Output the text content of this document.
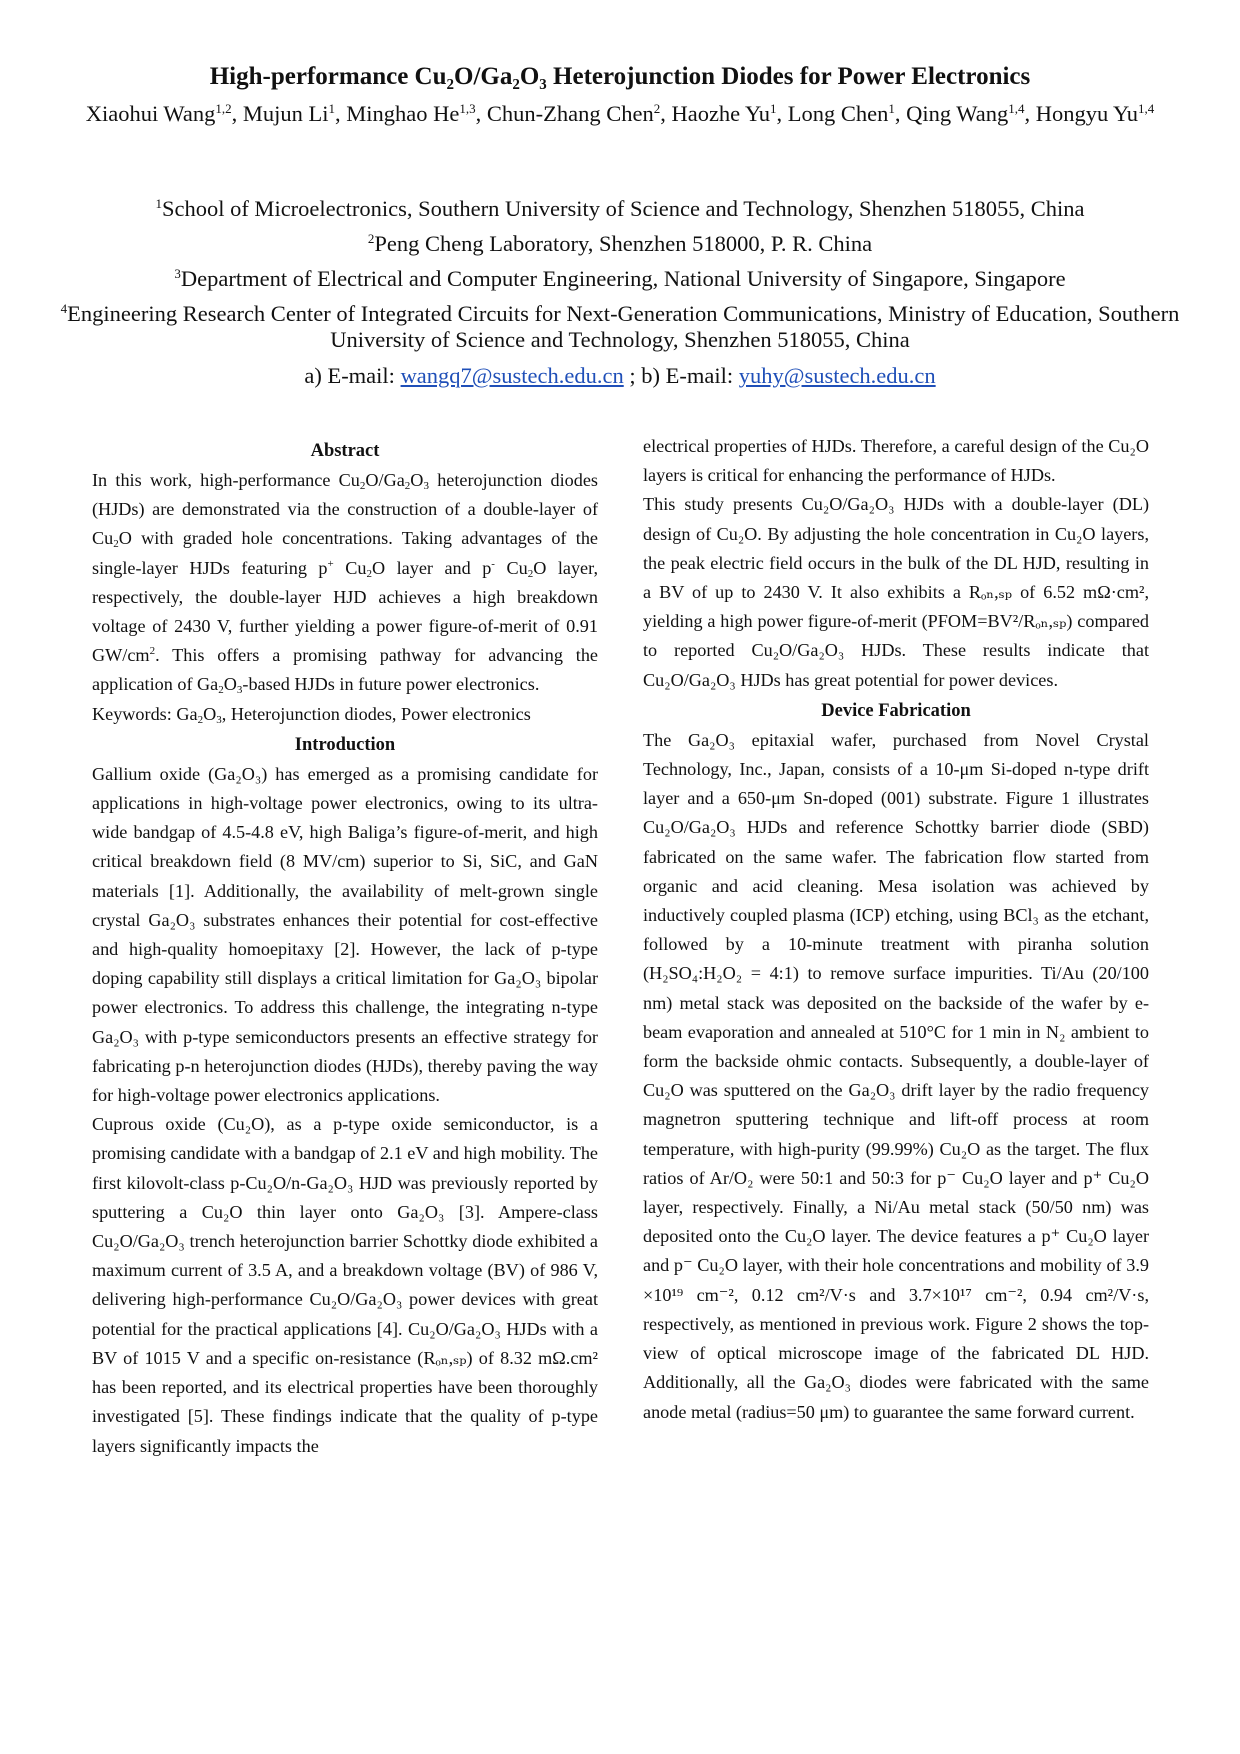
High-performance Cu₂O/Ga₂O₃ Heterojunction Diodes for Power Electronics

Xiaohui Wang$^{1,2}$, Mujun Li$^1$, Minghao He$^{1,3}$, Chun-Zhang Chen$^2$, Haozhe Yu$^1$, Long Chen$^1$, Qing Wang$^{1,4}$, Hongyu Yu$^{1,4}$

$^1$School of Microelectronics, Southern University of Science and Technology, Shenzhen 518055, China

$^2$Peng Cheng Laboratory, Shenzhen 518000, P. R. China

$^3$Department of Electrical and Computer Engineering, National University of Singapore, Singapore

$^4$Engineering Research Center of Integrated Circuits for Next-Generation Communications, Ministry of Education, Southern University of Science and Technology, Shenzhen 518055, China

a) E-mail: wangq7@sustech.edu.cn ; b) E-mail: yuhy@sustech.edu.cn

Abstract

In this work, high-performance $Cu_2O/Ga_2O_3$ heterojunction diodes (HJDs) are demonstrated via the construction of a double-layer of $Cu_2O$ with graded hole concentrations. Taking advantages of the single-layer HJDs featuring p+ $Cu_2O$ layer and p- $Cu_2O$ layer, respectively, the double-layer HJD achieves a high breakdown voltage of 2430 V, further yielding a power figure-of-merit of 0.91 $GW/cm^2$. This offers a promising pathway for advancing the application of $Ga_2O_3$-based HJDs in future power electronics.

Keywords: $Ga_2O_3$, Heterojunction diodes, Power electronics

Introduction

Gallium oxide (Ga₂O₃) has emerged as a promising candidate for applications in high-voltage power electronics, owing to its ultra-wide bandgap of 4.5-4.8 eV, high Baliga’s figure-of-merit, and high critical breakdown field (8 MV/cm) superior to Si, SiC, and GaN materials [1]. Additionally, the availability of melt-grown single crystal Ga₂O₃ substrates enhances their potential for cost-effective and high-quality homoepitaxy [2]. However, the lack of p-type doping capability still displays a critical limitation for Ga₂O₃ bipolar power electronics. To address this challenge, the integrating n-type Ga₂O₃ with p-type semiconductors presents an effective strategy for fabricating p-n heterojunction diodes (HJDs), thereby paving the way for high-voltage power electronics applications.

Cuprous oxide (Cu₂O), as a p-type oxide semiconductor, is a promising candidate with a bandgap of 2.1 eV and high mobility. The first kilovolt-class p-Cu₂O/n-Ga₂O₃ HJD was previously reported by sputtering a Cu₂O thin layer onto Ga₂O₃ [3]. Ampere-class Cu₂O/Ga₂O₃ trench heterojunction barrier Schottky diode exhibited a maximum current of 3.5 A, and a breakdown voltage (BV) of 986 V, delivering high-performance Cu₂O/Ga₂O₃ power devices with great potential for the practical applications [4]. Cu₂O/Ga₂O₃ HJDs with a BV of 1015 V and a specific on-resistance (Rₒₙ,ₛₚ) of 8.32 mΩ.cm² has been reported, and its electrical properties have been thoroughly investigated [5]. These findings indicate that the quality of p-type layers significantly impacts the

electrical properties of HJDs. Therefore, a careful design of the Cu₂O layers is critical for enhancing the performance of HJDs.

This study presents Cu₂O/Ga₂O₃ HJDs with a double-layer (DL) design of Cu₂O. By adjusting the hole concentration in Cu₂O layers, the peak electric field occurs in the bulk of the DL HJD, resulting in a BV of up to 2430 V. It also exhibits a Rₒₙ,ₛₚ of 6.52 mΩ·cm², yielding a high power figure-of-merit (PFOM=BV²/Rₒₙ,ₛₚ) compared to reported Cu₂O/Ga₂O₃ HJDs. These results indicate that Cu₂O/Ga₂O₃ HJDs has great potential for power devices.

Device Fabrication

The Ga₂O₃ epitaxial wafer, purchased from Novel Crystal Technology, Inc., Japan, consists of a 10-μm Si-doped n-type drift layer and a 650-μm Sn-doped (001) substrate. Figure 1 illustrates Cu₂O/Ga₂O₃ HJDs and reference Schottky barrier diode (SBD) fabricated on the same wafer. The fabrication flow started from organic and acid cleaning. Mesa isolation was achieved by inductively coupled plasma (ICP) etching, using BCl₃ as the etchant, followed by a 10-minute treatment with piranha solution (H₂SO₄:H₂O₂ = 4:1) to remove surface impurities. Ti/Au (20/100 nm) metal stack was deposited on the backside of the wafer by e-beam evaporation and annealed at 510°C for 1 min in N₂ ambient to form the backside ohmic contacts. Subsequently, a double-layer of Cu₂O was sputtered on the Ga₂O₃ drift layer by the radio frequency magnetron sputtering technique and lift-off process at room temperature, with high-purity (99.99%) Cu₂O as the target. The flux ratios of Ar/O₂ were 50:1 and 50:3 for p⁻ Cu₂O layer and p⁺ Cu₂O layer, respectively. Finally, a Ni/Au metal stack (50/50 nm) was deposited onto the Cu₂O layer. The device features a p⁺ Cu₂O layer and p⁻ Cu₂O layer, with their hole concentrations and mobility of 3.9 ×10¹⁹ cm⁻², 0.12 cm²/V·s and 3.7×10¹⁷ cm⁻², 0.94 cm²/V·s, respectively, as mentioned in previous work. Figure 2 shows the top-view of optical microscope image of the fabricated DL HJD. Additionally, all the Ga₂O₃ diodes were fabricated with the same anode metal (radius=50 μm) to guarantee the same forward current.
